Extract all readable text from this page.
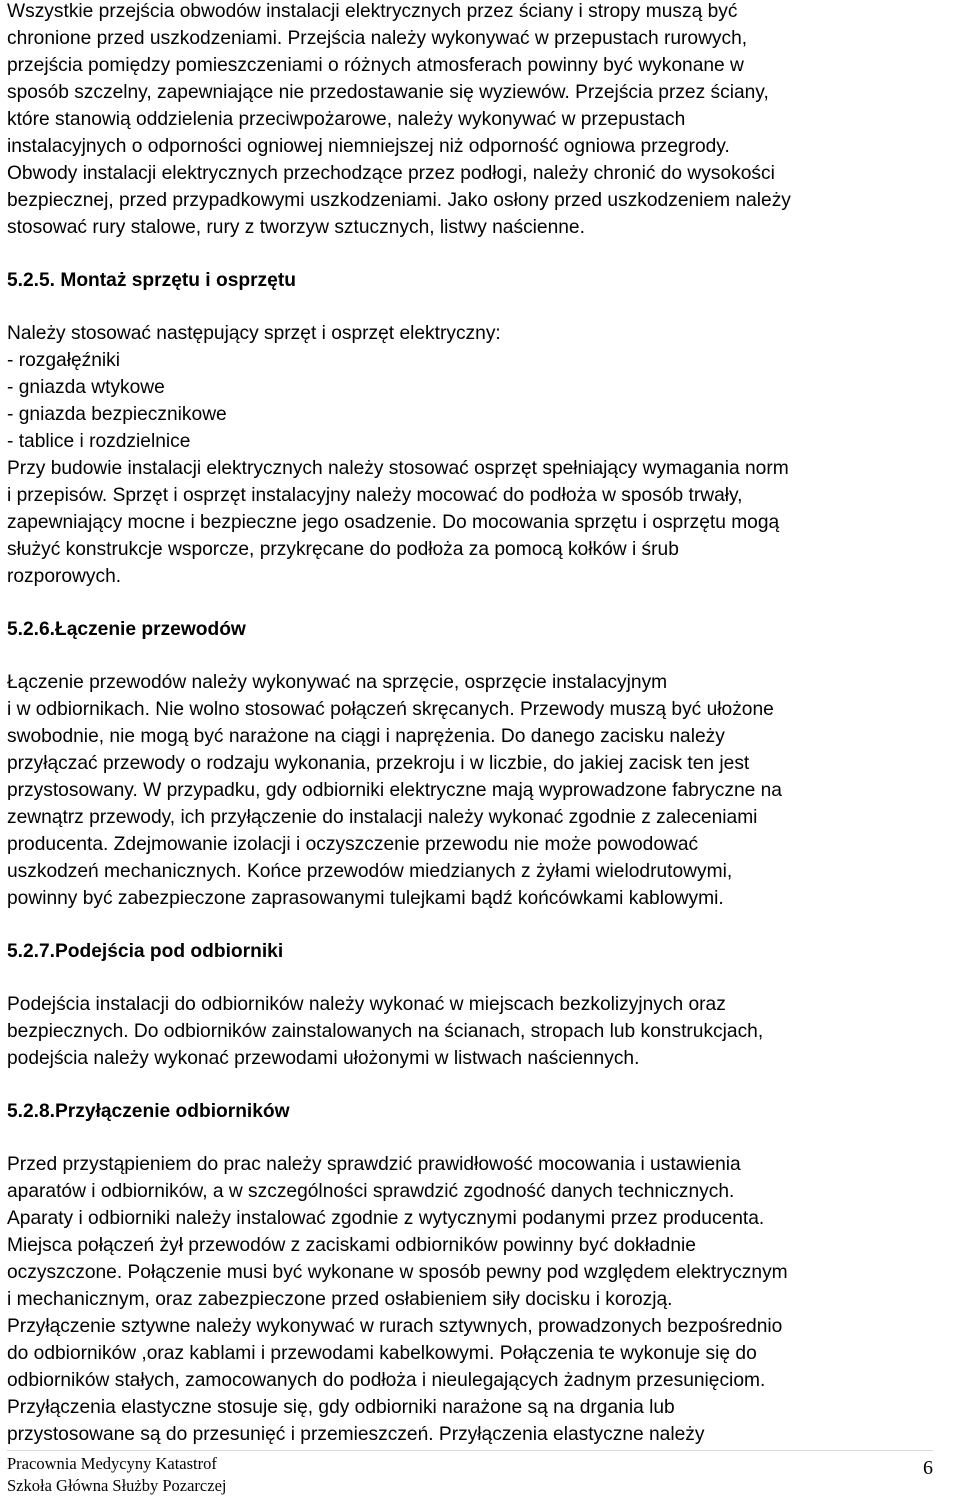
Wszystkie przejścia obwodów instalacji elektrycznych przez ściany i stropy muszą być
chronione przed uszkodzeniami. Przejścia należy wykonywać w przepustach rurowych,
przejścia pomiędzy pomieszczeniami o różnych atmosferach powinny być wykonane w
sposób szczelny, zapewniające nie przedostawanie się wyziewów. Przejścia przez ściany,
które stanowią oddzielenia przeciwpożarowe, należy wykonywać w przepustach
instalacyjnych o odporności ogniowej niemniejszej niż odporność ogniowa przegrody.
Obwody instalacji elektrycznych przechodzące przez podłogi, należy chronić do wysokości
bezpiecznej, przed przypadkowymi uszkodzeniami. Jako osłony przed uszkodzeniem należy
stosować rury stalowe, rury z tworzyw sztucznych, listwy naścienne.

5.2.5. Montaż sprzętu i osprzętu

Należy stosować następujący sprzęt i osprzęt elektryczny:
- rozgałęźniki
- gniazda wtykowe
- gniazda bezpiecznikowe
- tablice i rozdzielnice
Przy budowie instalacji elektrycznych należy stosować osprzęt spełniający wymagania norm
i przepisów. Sprzęt i osprzęt instalacyjny należy mocować do podłoża w sposób trwały,
zapewniający mocne i bezpieczne jego osadzenie. Do mocowania sprzętu i osprzętu mogą
służyć konstrukcje wsporcze, przykręcane do podłoża za pomocą kołków i śrub
rozporowych.

5.2.6.Łączenie przewodów

Łączenie przewodów należy wykonywać na sprzęcie, osprzęcie instalacyjnym
i w odbiornikach. Nie wolno stosować połączeń skręcanych. Przewody muszą być ułożone
swobodnie, nie mogą być narażone na ciągi i naprężenia. Do danego zacisku należy
przyłączać przewody o rodzaju wykonania, przekroju i w liczbie, do jakiej zacisk ten jest
przystosowany. W przypadku, gdy odbiorniki elektryczne mają wyprowadzone fabryczne na
zewnątrz przewody, ich przyłączenie do instalacji należy wykonać zgodnie z zaleceniami
producenta. Zdejmowanie izolacji i oczyszczenie przewodu nie może powodować
uszkodzeń mechanicznych. Końce przewodów miedzianych z żyłami wielodrutowymi,
powinny być zabezpieczone zaprasowanymi tulejkami bądź końcówkami kablowymi.

5.2.7.Podejścia pod odbiorniki

Podejścia instalacji do odbiorników należy wykonać w miejscach bezkolizyjnych oraz
bezpiecznych. Do odbiorników zainstalowanych na ścianach, stropach lub konstrukcjach,
podejścia należy wykonać przewodami ułożonymi w listwach naściennych.

5.2.8.Przyłączenie odbiorników

Przed przystąpieniem do prac należy sprawdzić prawidłowość mocowania i ustawienia
aparatów i odbiorników, a w szczególności sprawdzić zgodność danych technicznych.
Aparaty i odbiorniki należy instalować zgodnie z wytycznymi podanymi przez producenta.
Miejsca połączeń żył przewodów z zaciskami odbiorników powinny być dokładnie
oczyszczone. Połączenie musi być wykonane w sposób pewny pod względem elektrycznym
i mechanicznym, oraz zabezpieczone przed osłabieniem siły docisku i korozją.
Przyłączenie sztywne należy wykonywać w rurach sztywnych, prowadzonych bezpośrednio
do odbiorników ,oraz kablami i przewodami kabelkowymi. Połączenia te wykonuje się do
odbiorników stałych, zamocowanych do podłoża i nieulegających żadnym przesunięciom.
Przyłączenia elastyczne stosuje się, gdy odbiorniki narażone są na drgania lub
przystosowane są do przesunięć i przemieszczeń. Przyłączenia elastyczne należy

Pracownia Medycyny Katastrof
Szkoła Główna Służby Pozarczej
6
